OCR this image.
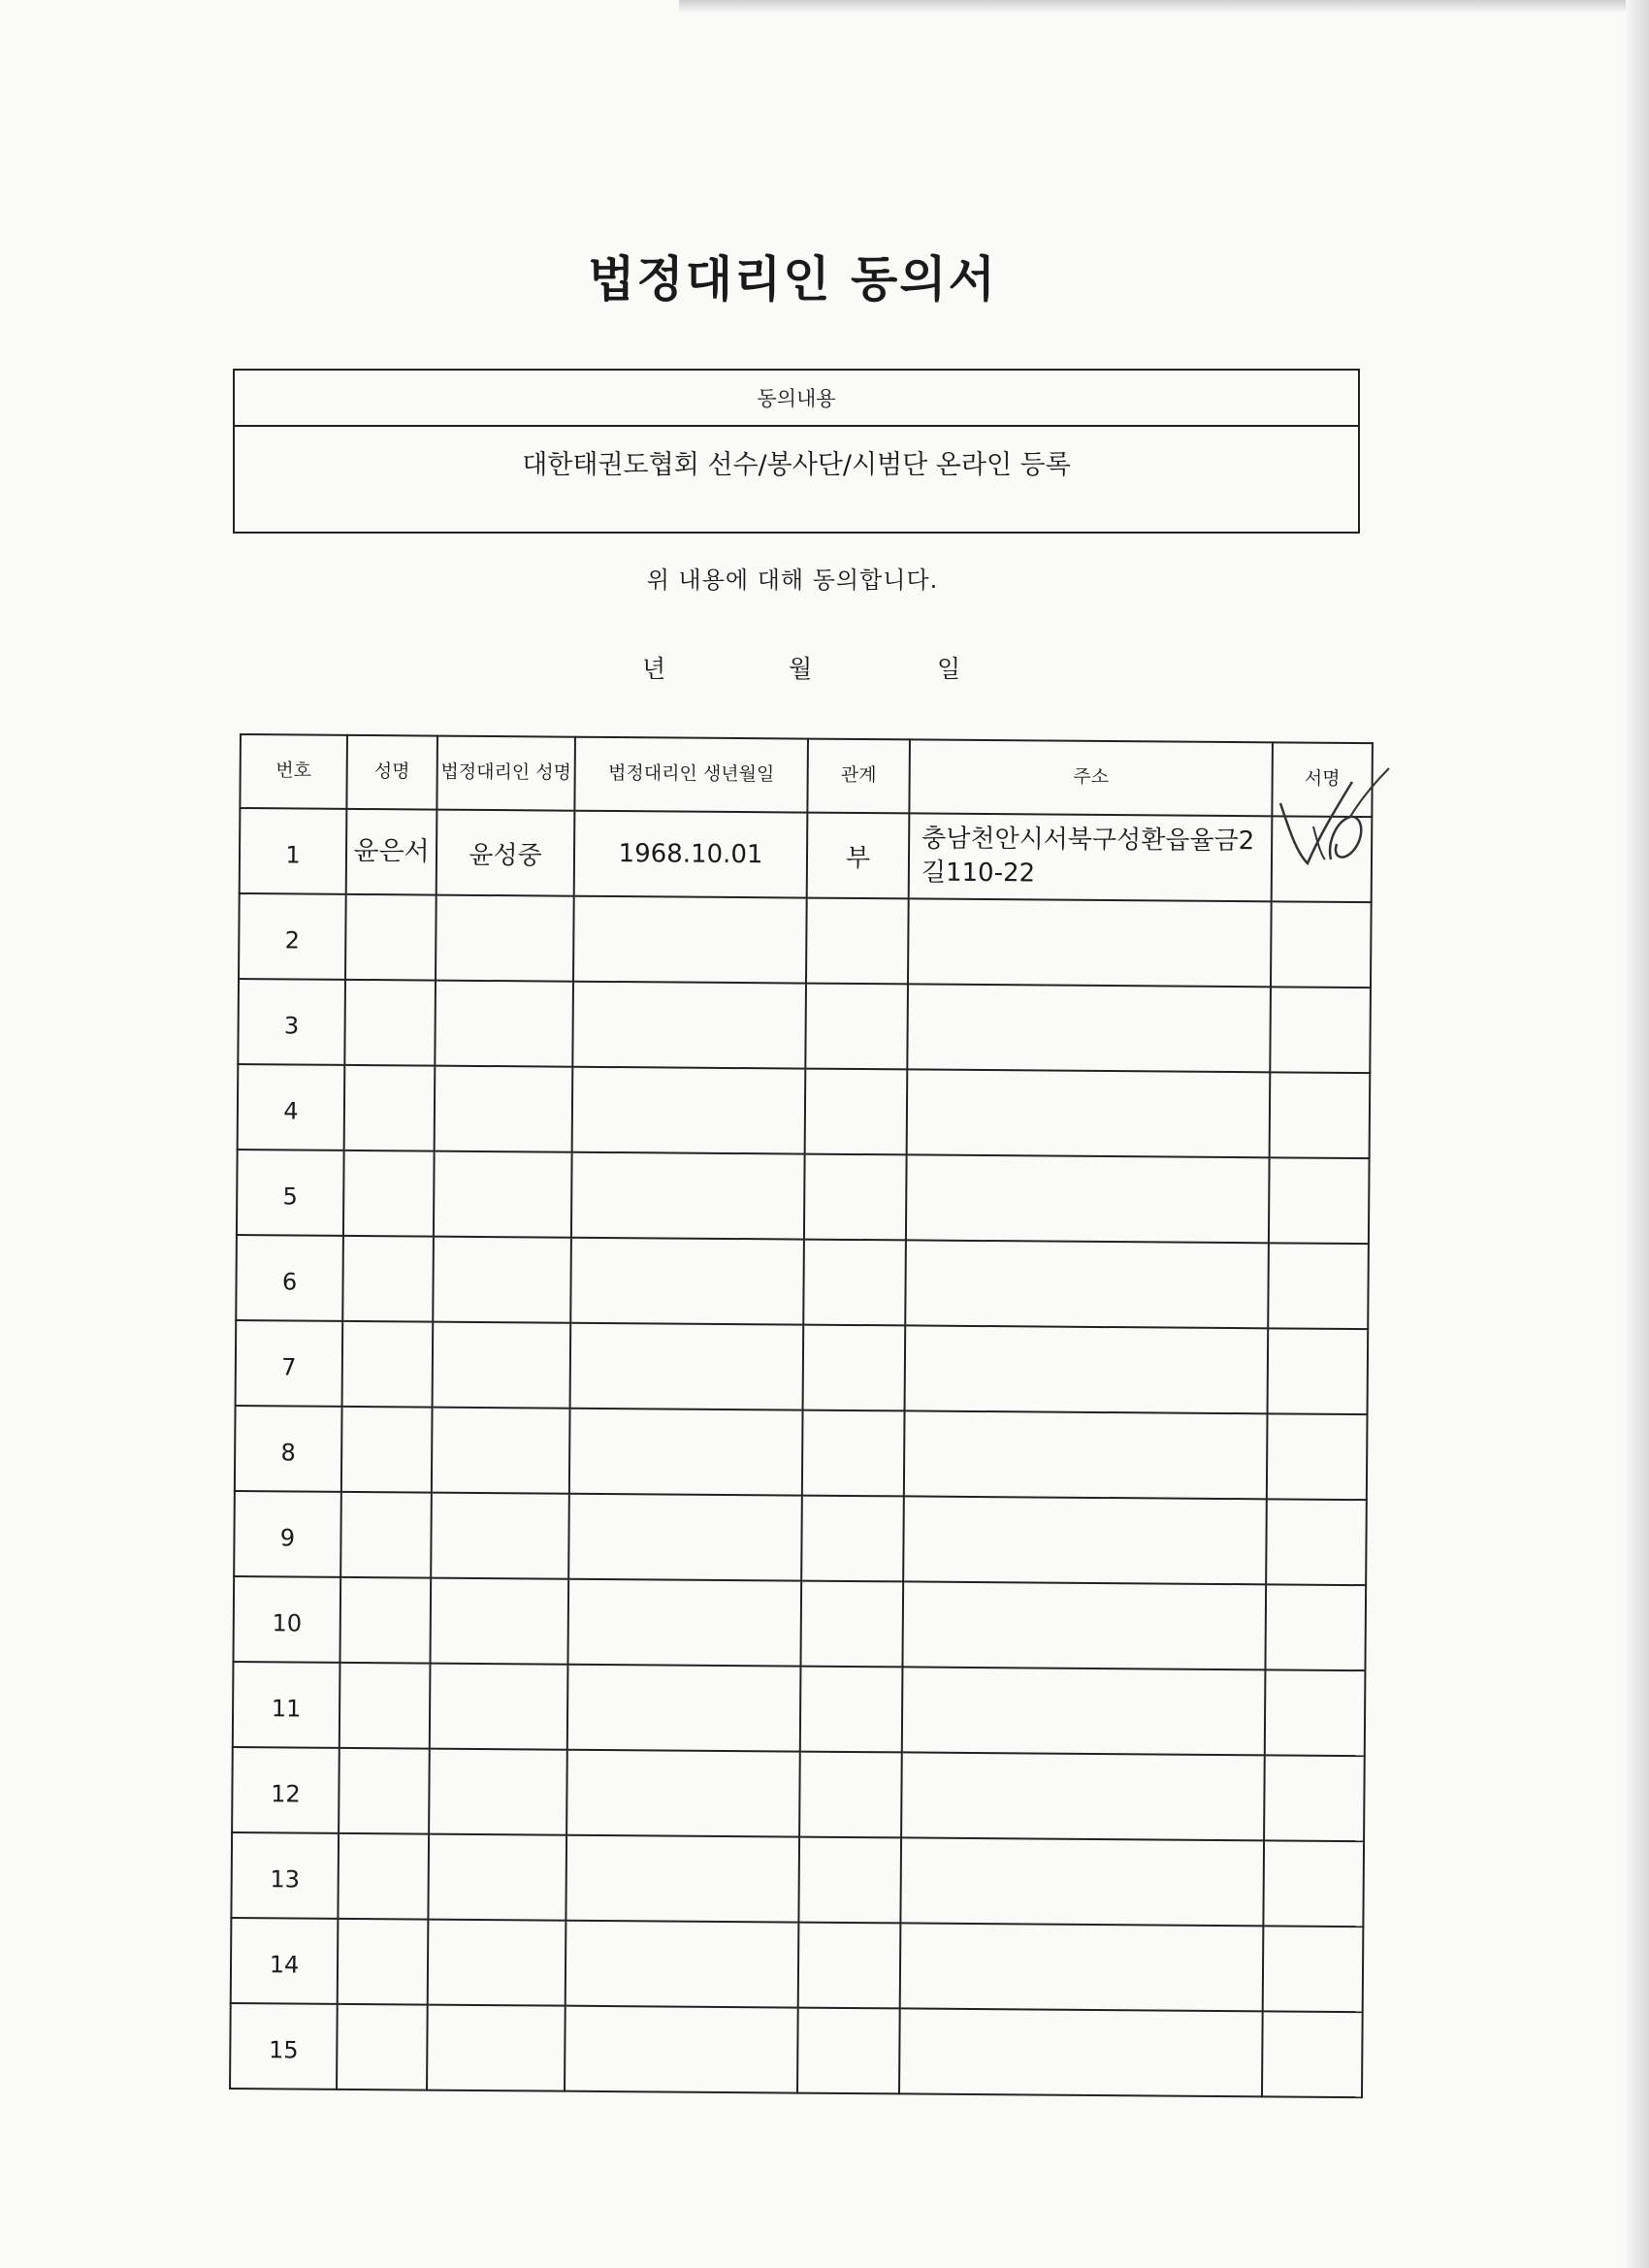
법정대리인 동의서
동의내용
대한태권도협회 선수/봉사단/시범단 온라인 등록
위 내용에 대해 동의합니다.
년	월	일
번호	성명	법정대리인 성명	법정대리인 생년월일	관계	주소	서명
1	윤은서	윤성중	1968.10.01	부	충남천안시서북구성환읍율금2길110-22	
2						
3						
4						
5						
6						
7						
8						
9						
10						
11						
12						
13						
14						
15						
